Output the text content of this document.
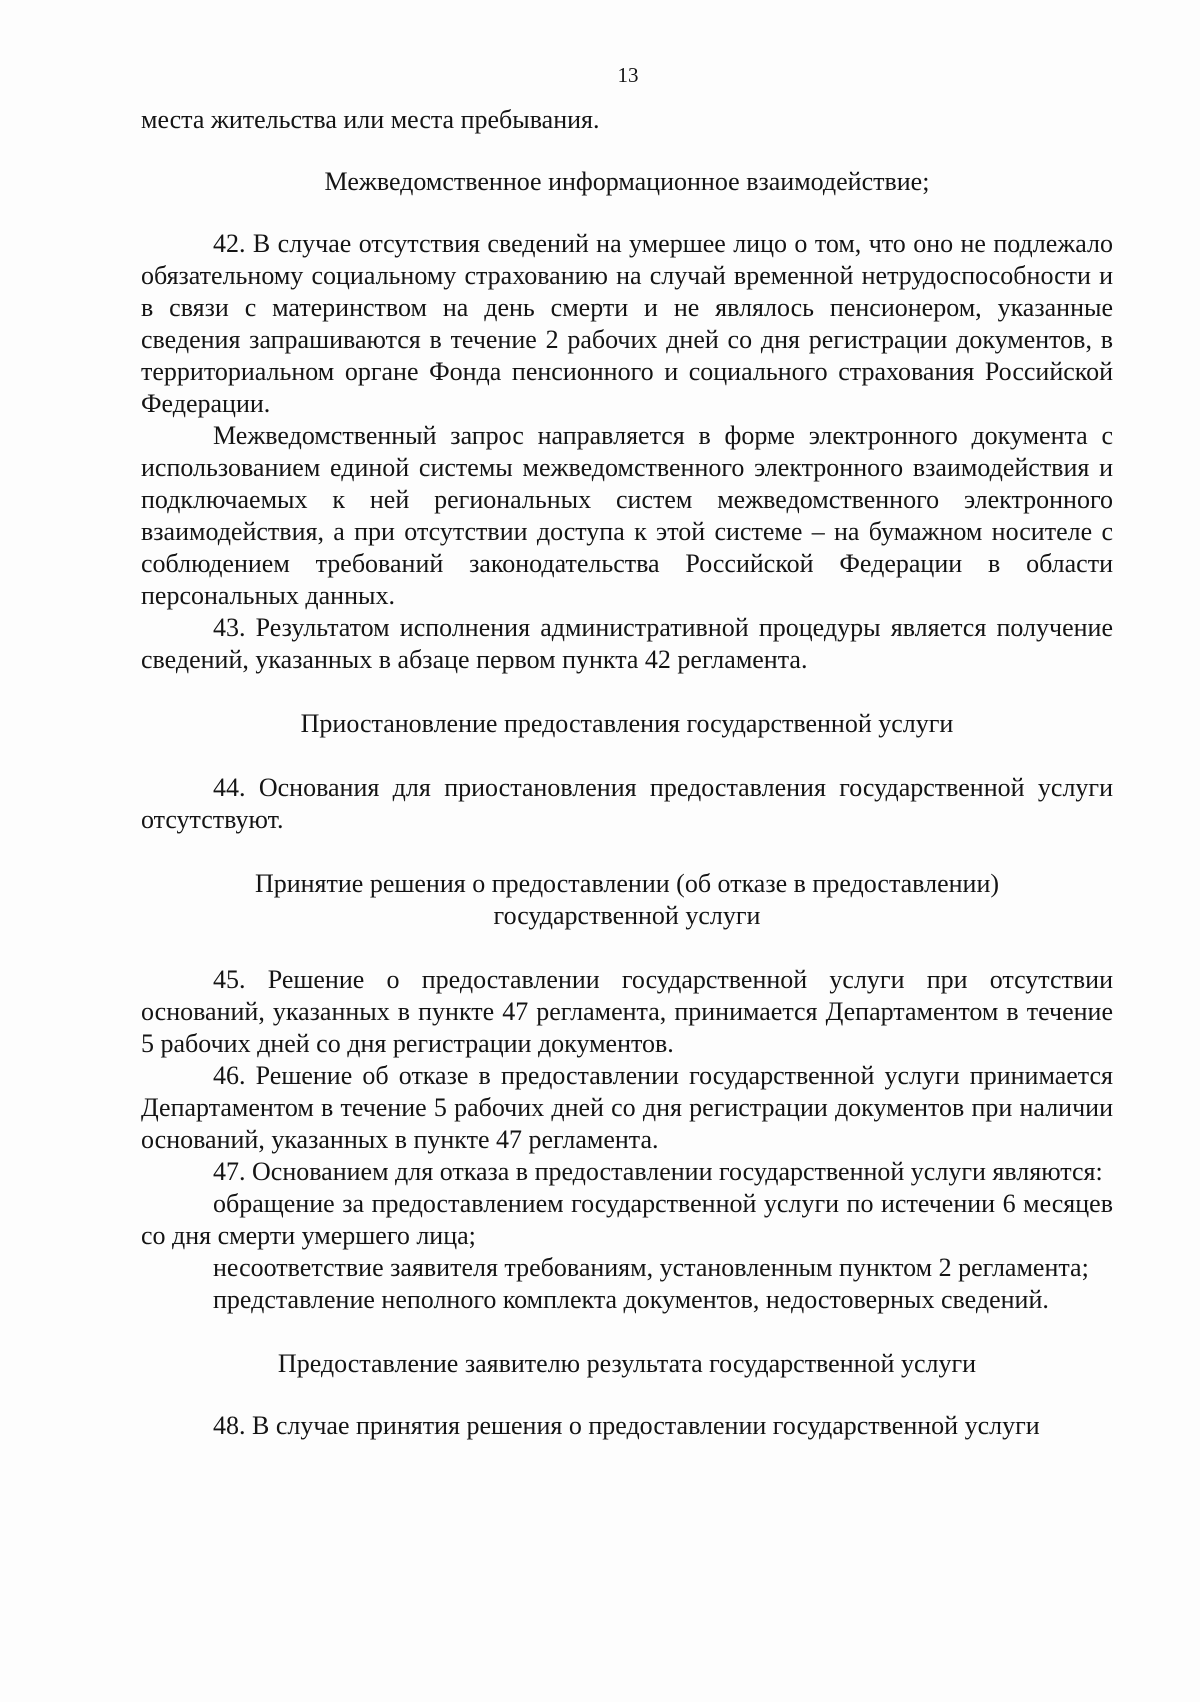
13

места жительства или места пребывания.

Межведомственное информационное взаимодействие;

42. В случае отсутствия сведений на умершее лицо о том, что оно не подлежало обязательному социальному страхованию на случай временной нетрудоспособности и в связи с материнством на день смерти и не являлось пенсионером, указанные сведения запрашиваются в течение 2 рабочих дней со дня регистрации документов, в территориальном органе Фонда пенсионного и социального страхования Российской Федерации.

Межведомственный запрос направляется в форме электронного документа с использованием единой системы межведомственного электронного взаимодействия и подключаемых к ней региональных систем межведомственного электронного взаимодействия, а при отсутствии доступа к этой системе – на бумажном носителе с соблюдением требований законодательства Российской Федерации в области персональных данных.

43. Результатом исполнения административной процедуры является получение сведений, указанных в абзаце первом пункта 42 регламента.

Приостановление предоставления государственной услуги

44. Основания для приостановления предоставления государственной услуги отсутствуют.

Принятие решения о предоставлении (об отказе в предоставлении)

государственной услуги

45. Решение о предоставлении государственной услуги при отсутствии оснований, указанных в пункте 47 регламента, принимается Департаментом в течение 5 рабочих дней со дня регистрации документов.

46. Решение об отказе в предоставлении государственной услуги принимается Департаментом в течение 5 рабочих дней со дня регистрации документов при наличии оснований, указанных в пункте 47 регламента.

47. Основанием для отказа в предоставлении государственной услуги являются:

обращение за предоставлением государственной услуги по истечении 6 месяцев со дня смерти умершего лица;

несоответствие заявителя требованиям, установленным пунктом 2 регламента;

представление неполного комплекта документов, недостоверных сведений.

Предоставление заявителю результата государственной услуги

48. В случае принятия решения о предоставлении государственной услуги
